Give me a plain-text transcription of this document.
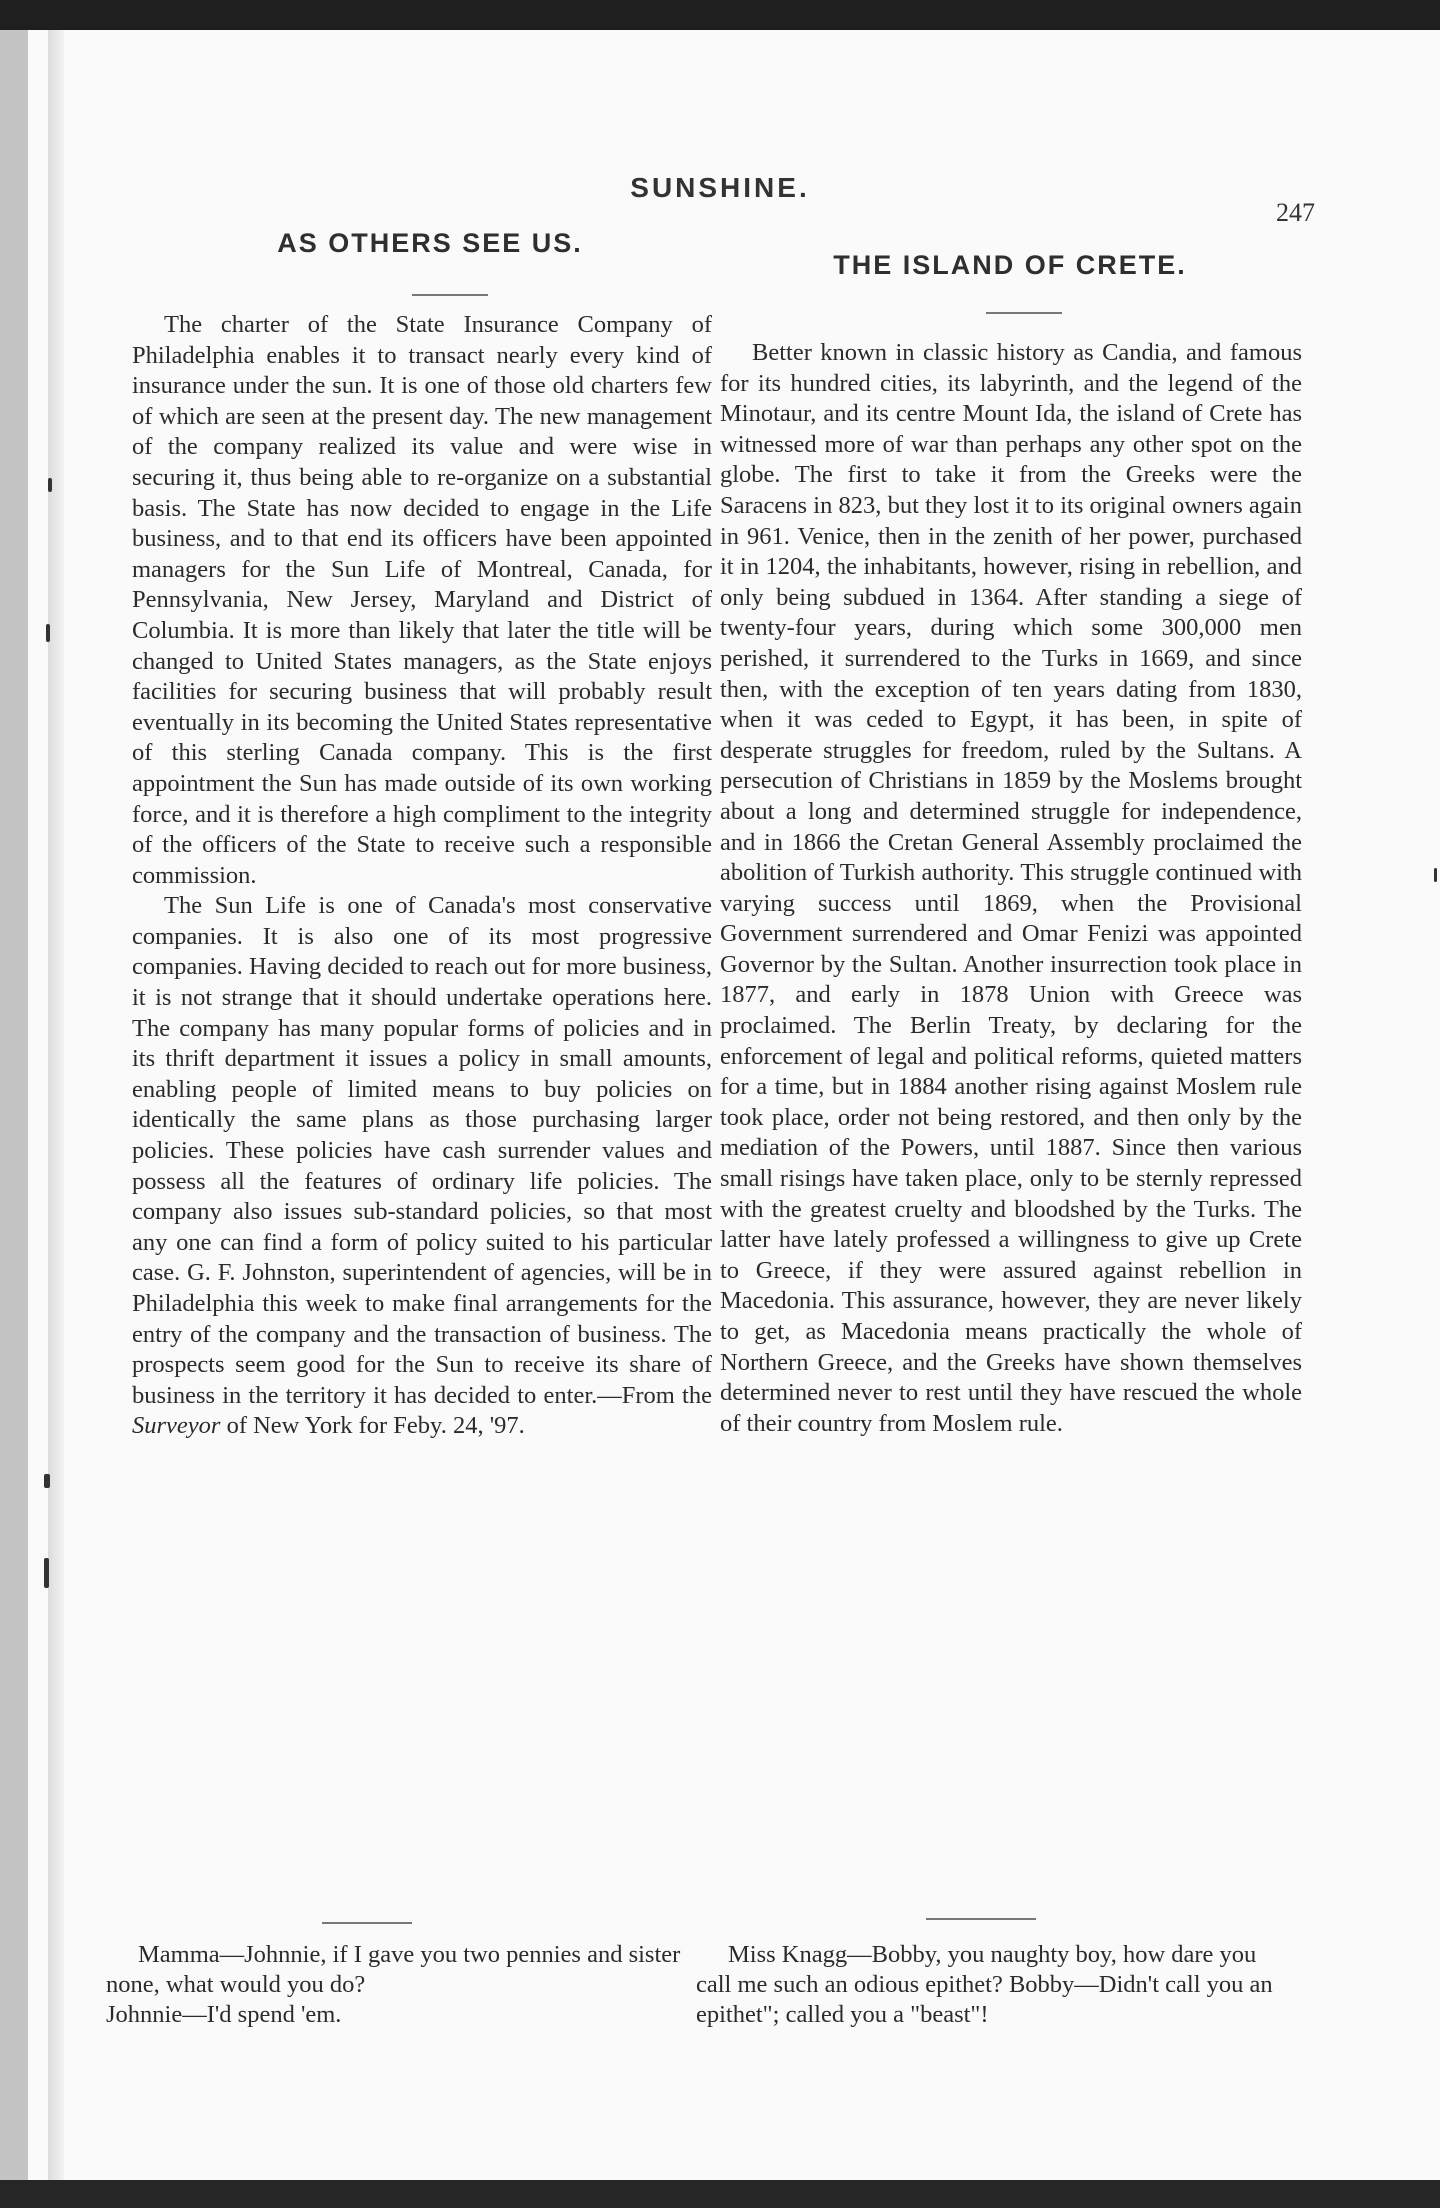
SUNSHINE.
247
AS OTHERS SEE US.
THE ISLAND OF CRETE.

The charter of the State Insurance Company of Philadelphia enables it to transact nearly every kind of insurance under the sun. It is one of those old charters few of which are seen at the present day. The new management of the company realized its value and were wise in securing it, thus being able to re-organize on a substantial basis. The State has now decided to engage in the Life business, and to that end its officers have been appointed managers for the Sun Life of Montreal, Canada, for Pennsylvania, New Jersey, Maryland and District of Columbia. It is more than likely that later the title will be changed to United States managers, as the State enjoys facilities for securing business that will probably result eventually in its becoming the United States representative of this sterling Canada company. This is the first appointment the Sun has made outside of its own working force, and it is therefore a high compliment to the integrity of the officers of the State to receive such a responsible commission.

The Sun Life is one of Canada's most conservative companies. It is also one of its most progressive companies. Having decided to reach out for more business, it is not strange that it should undertake operations here. The company has many popular forms of policies and in its thrift department it issues a policy in small amounts, enabling people of limited means to buy policies on identically the same plans as those purchasing larger policies. These policies have cash surrender values and possess all the features of ordinary life policies. The company also issues sub-standard policies, so that most any one can find a form of policy suited to his particular case. G. F. Johnston, superintendent of agencies, will be in Philadelphia this week to make final arrangements for the entry of the company and the transaction of business. The prospects seem good for the Sun to receive its share of business in the territory it has decided to enter.—From the Surveyor of New York for Feby. 24, '97.

Better known in classic history as Candia, and famous for its hundred cities, its labyrinth, and the legend of the Minotaur, and its centre Mount Ida, the island of Crete has witnessed more of war than perhaps any other spot on the globe. The first to take it from the Greeks were the Saracens in 823, but they lost it to its original owners again in 961. Venice, then in the zenith of her power, purchased it in 1204, the inhabitants, however, rising in rebellion, and only being subdued in 1364. After standing a siege of twenty-four years, during which some 300,000 men perished, it surrendered to the Turks in 1669, and since then, with the exception of ten years dating from 1830, when it was ceded to Egypt, it has been, in spite of desperate struggles for freedom, ruled by the Sultans. A persecution of Christians in 1859 by the Moslems brought about a long and determined struggle for independence, and in 1866 the Cretan General Assembly proclaimed the abolition of Turkish authority. This struggle continued with varying success until 1869, when the Provisional Government surrendered and Omar Fenizi was appointed Governor by the Sultan. Another insurrection took place in 1877, and early in 1878 Union with Greece was proclaimed. The Berlin Treaty, by declaring for the enforcement of legal and political reforms, quieted matters for a time, but in 1884 another rising against Moslem rule took place, order not being restored, and then only by the mediation of the Powers, until 1887. Since then various small risings have taken place, only to be sternly repressed with the greatest cruelty and bloodshed by the Turks. The latter have lately professed a willingness to give up Crete to Greece, if they were assured against rebellion in Macedonia. This assurance, however, they are never likely to get, as Macedonia means practically the whole of Northern Greece, and the Greeks have shown themselves determined never to rest until they have rescued the whole of their country from Moslem rule.

Mamma—Johnnie, if I gave you two pennies and sister none, what would you do?

Johnnie—I'd spend 'em.

Miss Knagg—Bobby, you naughty boy, how dare you call me such an odious epithet? Bobby—Didn't call you an epithet"; called you a "beast"!
